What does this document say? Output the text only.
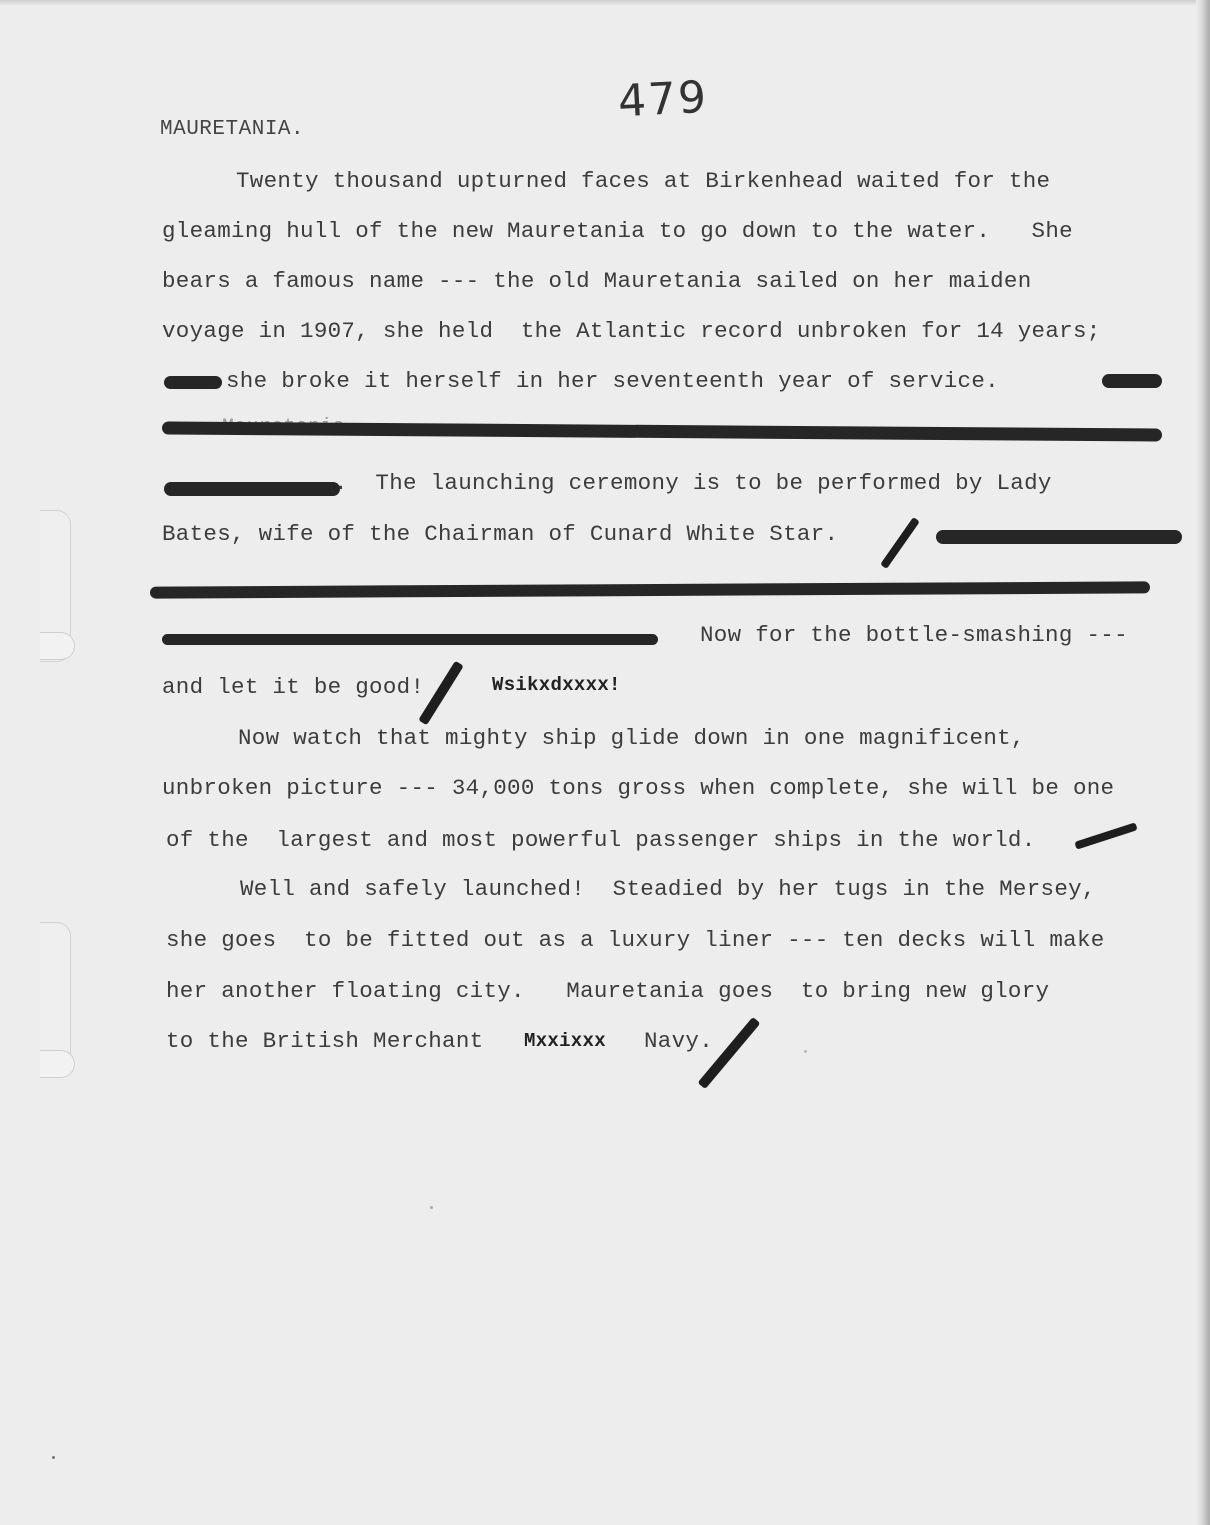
479
MAURETANIA.
Twenty thousand upturned faces at Birkenhead waited for the
gleaming hull of the new Mauretania to go down to the water.   She
bears a famous name --- the old Mauretania sailed on her maiden
voyage in 1907, she held  the Atlantic record unbroken for 14 years;
she broke it herself in her seventeenth year of service.
.  The launching ceremony is to be performed by Lady
Bates, wife of the Chairman of Cunard White Star.
Now for the bottle-smashing ---
and let it be good!	Wsikxdxxxx!
Now watch that mighty ship glide down in one magnificent,
unbroken picture --- 34,000 tons gross when complete, she will be one
of the  largest and most powerful passenger ships in the world.
Well and safely launched!  Steadied by her tugs in the Mersey,
she goes  to be fitted out as a luxury liner --- ten decks will make
her another floating city.   Mauretania goes  to bring new glory
to the British Merchant Mxxixxx Navy.
